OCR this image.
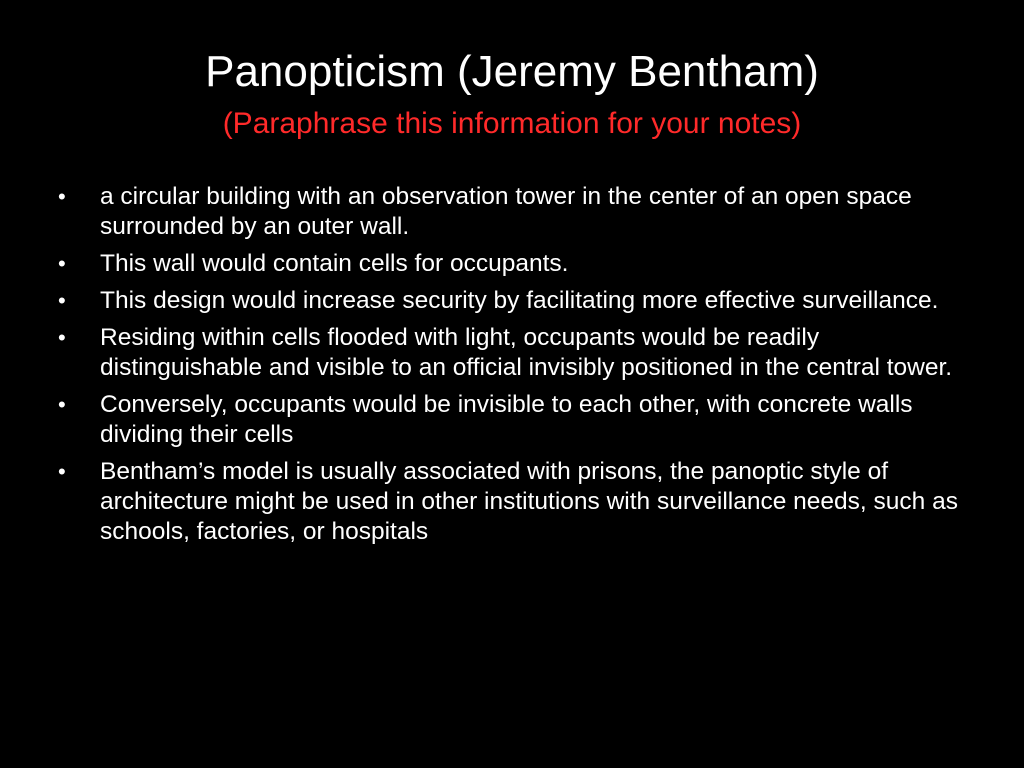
Panopticism (Jeremy Bentham)
(Paraphrase this information for your notes)
•	a circular building with an observation tower in the center of an open space surrounded by an outer wall.
•	This wall would contain cells for occupants.
•	This design would increase security by facilitating more effective surveillance.
•	Residing within cells flooded with light, occupants would be readily distinguishable and visible to an official invisibly positioned in the central tower.
•	Conversely, occupants would be invisible to each other, with concrete walls dividing their cells
•	Bentham’s model is usually associated with prisons, the panoptic style of architecture might be used in other institutions with surveillance needs, such as schools, factories, or hospitals
